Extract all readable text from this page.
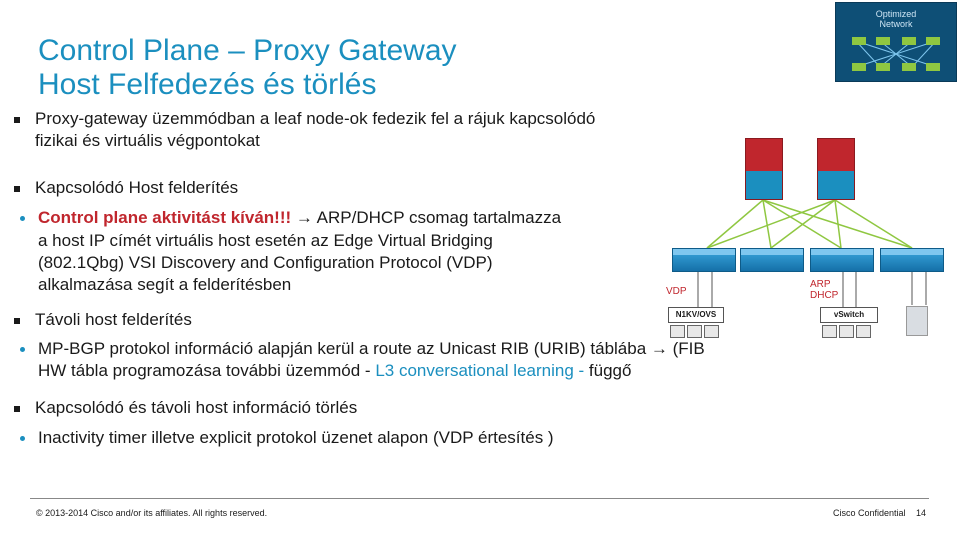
Control Plane – Proxy Gateway
Host Felfedezés és törlés
Optimized
Network
Proxy-gateway üzemmódban a leaf node-ok fedezik fel a rájuk kapcsolódó
fizikai és virtuális végpontokat
Kapcsolódó Host felderítés
Control plane aktivitást kíván!!! → ARP/DHCP csomag tartalmazza
a host IP címét virtuális host esetén az Edge Virtual Bridging
(802.1Qbg) VSI Discovery and Configuration Protocol (VDP)
alkalmazása segít a felderítésben
Távoli host felderítés
MP-BGP protokol információ alapján kerül a route az Unicast RIB (URIB) táblába → (FIB
HW tábla programozása további üzemmód - L3 conversational learning - függő
Kapcsolódó és távoli host információ törlés
Inactivity timer illetve explicit protokol üzenet alapon (VDP értesítés )
VDP
ARP
DHCP
N1KV/OVS	vSwitch
© 2013-2014 Cisco and/or its affiliates. All rights reserved.	Cisco Confidential 14
